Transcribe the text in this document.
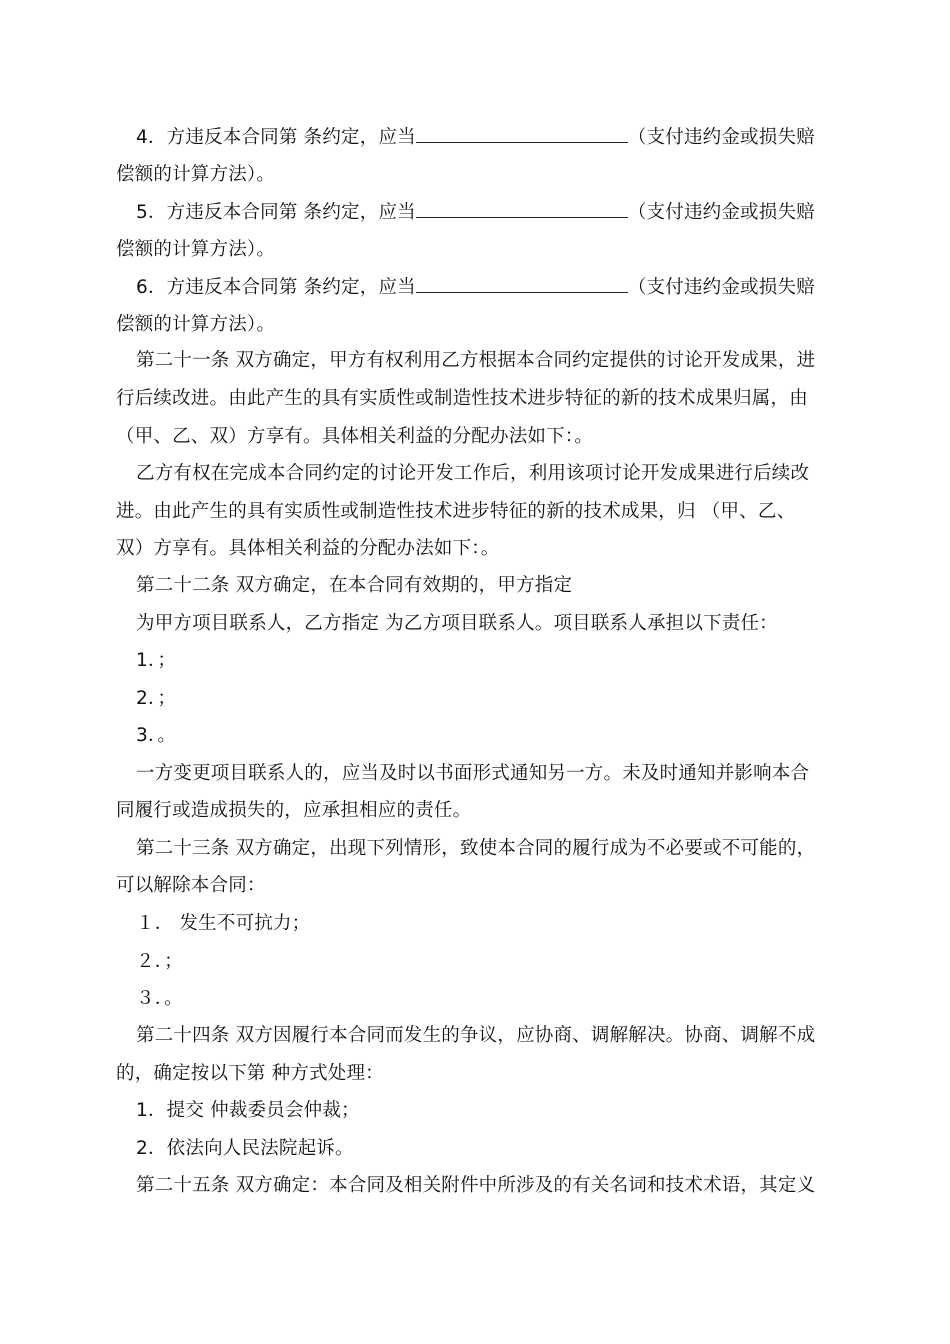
4．方违反本合同第 条约定，应当	（支付违约金或损失赔
偿额的计算方法）。
5．方违反本合同第 条约定，应当	（支付违约金或损失赔
偿额的计算方法）。
6．方违反本合同第 条约定，应当	（支付违约金或损失赔
偿额的计算方法）。
第二十一条 双方确定，甲方有权利用乙方根据本合同约定提供的讨论开发成果，进
行后续改进。由此产生的具有实质性或制造性技术进步特征的新的技术成果归属，由
（甲、乙、双）方享有。具体相关利益的分配办法如下：。
乙方有权在完成本合同约定的讨论开发工作后，利用该项讨论开发成果进行后续改
进。由此产生的具有实质性或制造性技术进步特征的新的技术成果，归 （甲、乙、
双）方享有。具体相关利益的分配办法如下：。
第二十二条 双方确定，在本合同有效期的，甲方指定
为甲方项目联系人，乙方指定 为乙方项目联系人。项目联系人承担以下责任：
1．；
2．；
3．。
一方变更项目联系人的，应当及时以书面形式通知另一方。未及时通知并影响本合
同履行或造成损失的，应承担相应的责任。
第二十三条 双方确定，出现下列情形，致使本合同的履行成为不必要或不可能的，
可以解除本合同：
１． 发生不可抗力；
２．；
３．。
第二十四条 双方因履行本合同而发生的争议，应协商、调解解决。协商、调解不成
的，确定按以下第 种方式处理：
1．提交 仲裁委员会仲裁；
2．依法向人民法院起诉。
第二十五条 双方确定：本合同及相关附件中所涉及的有关名词和技术术语，其定义
